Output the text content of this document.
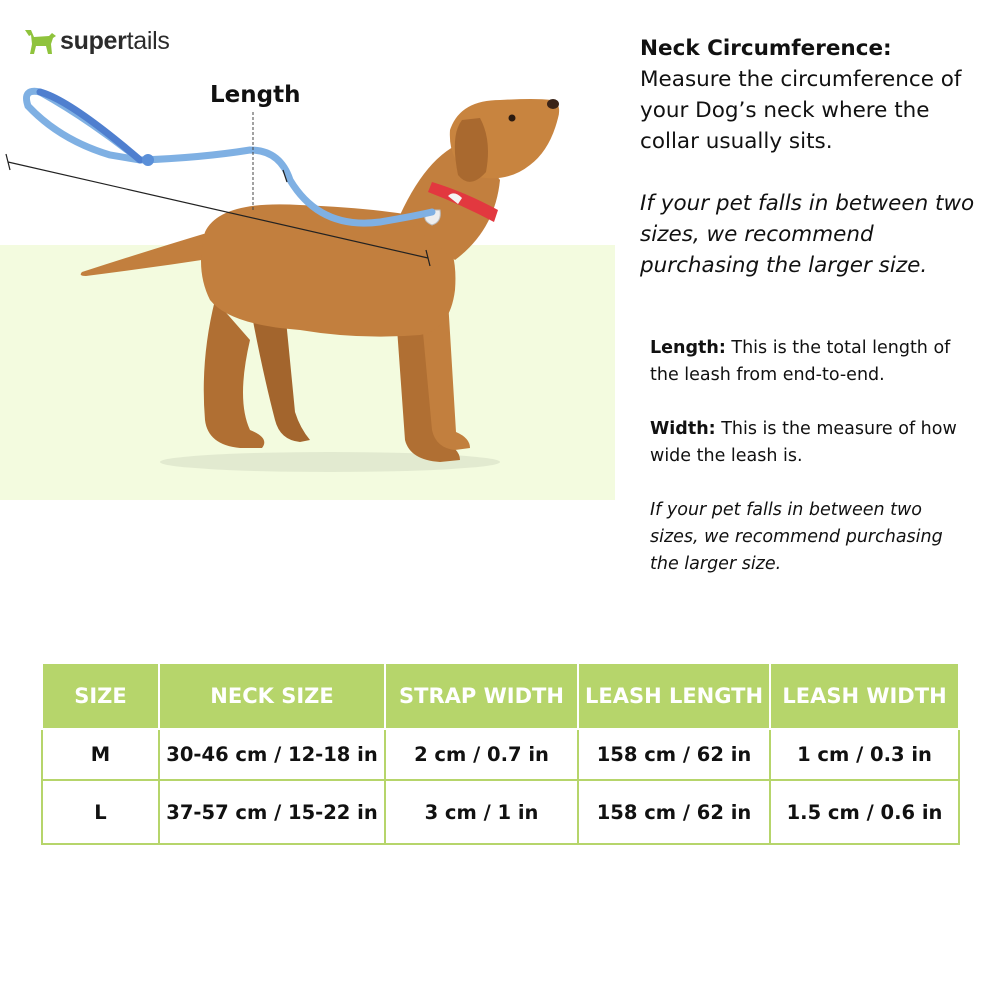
supertails
Length
Neck Circumference:
Measure the circumference of your Dog’s neck where the collar usually sits.
If your pet falls in between two sizes, we recommend purchasing the larger size.

Length: This is the total length of the leash from end-to-end.

Width: This is the measure of how wide the leash is.

If your pet falls in between two sizes, we recommend purchasing the larger size.

SIZE	NECK SIZE	STRAP WIDTH	LEASH LENGTH	LEASH WIDTH
M	30-46 cm / 12-18 in	2 cm / 0.7 in	158 cm / 62 in	1 cm / 0.3 in
L	37-57 cm / 15-22 in	3 cm / 1 in	158 cm / 62 in	1.5 cm / 0.6 in
